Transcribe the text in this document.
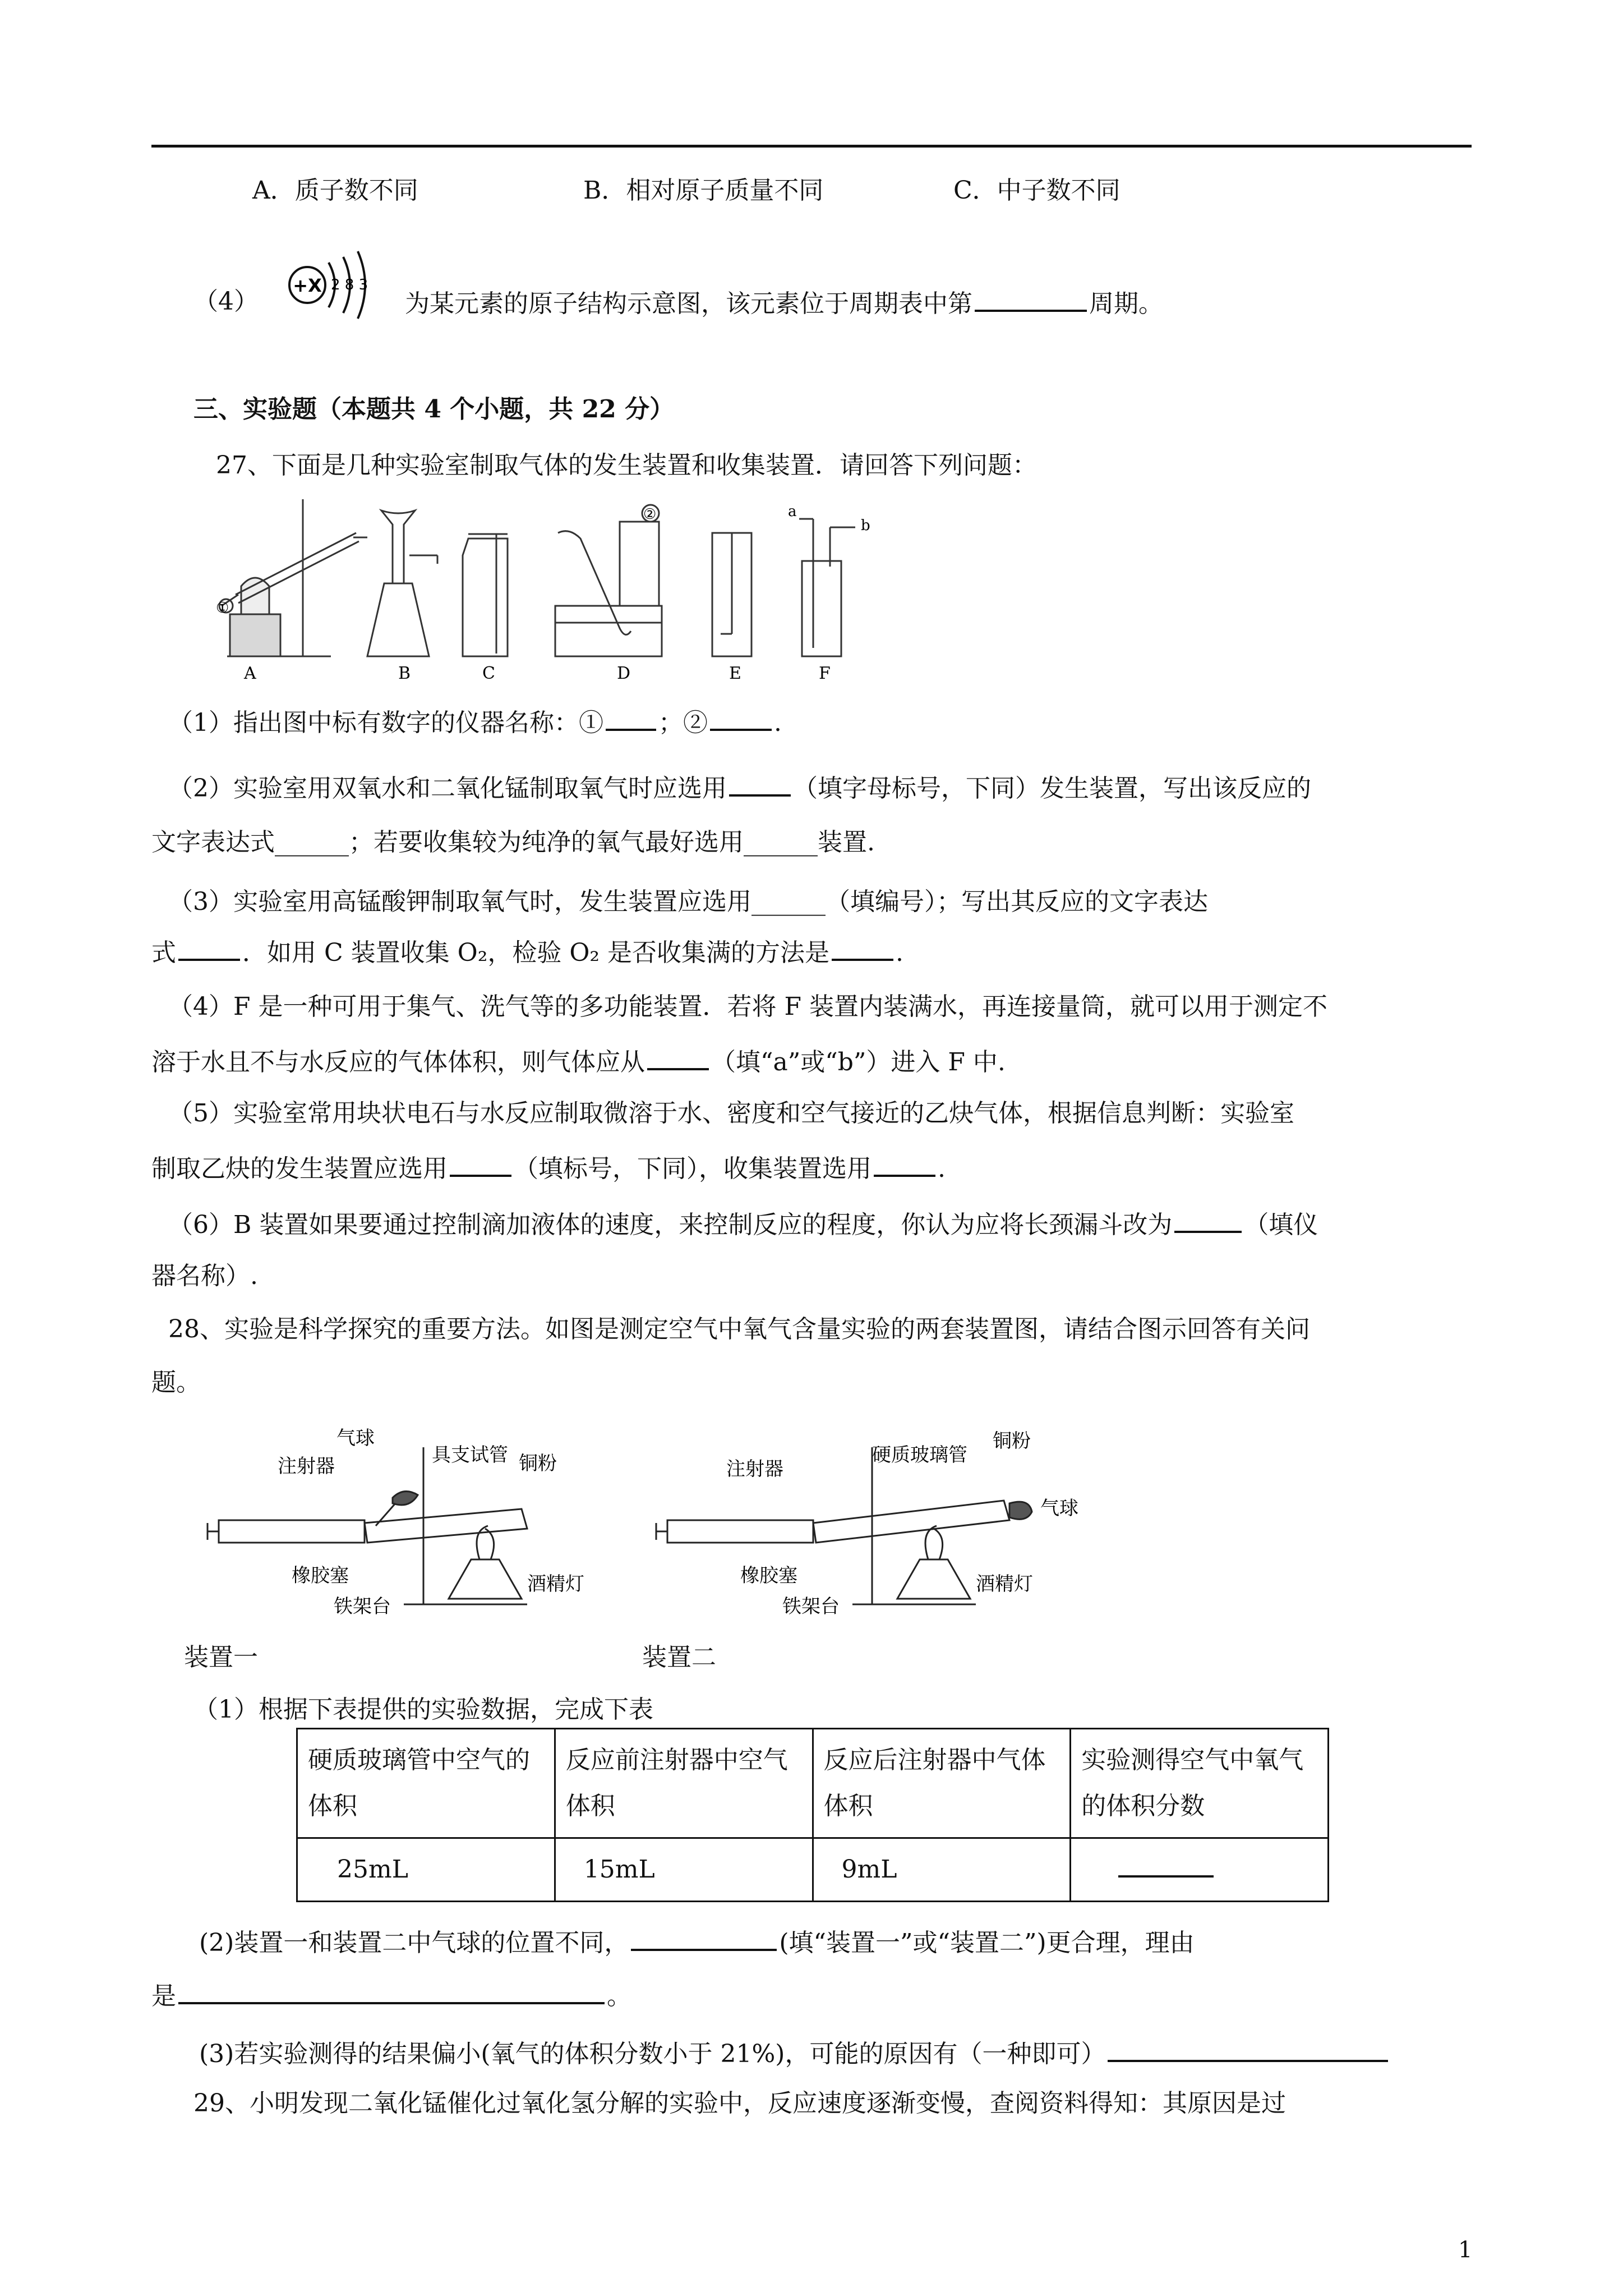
A．质子数不同	B．相对原子质量不同	C．中子数不同
（4）
+X 2 8 3
为某元素的原子结构示意图，该元素位于周期表中第	周期。
三、实验题（本题共 4 个小题，共 22 分）
27、下面是几种实验室制取气体的发生装置和收集装置．请回答下列问题：
A	B	C	D	E	F
①
②	a
b
（1）指出图中标有数字的仪器名称：① ；②	.
（2）实验室用双氧水和二氧化锰制取氧气时应选用	（填字母标号，下同）发生装置，写出该反应的
文字表达式______；若要收集较为纯净的氧气最好选用______装置.
（3）实验室用高锰酸钾制取氧气时，发生装置应选用______（填编号）；写出其反应的文字表达
式	．如用 C 装置收集 O₂，检验 O₂ 是否收集满的方法是	.
（4）F 是一种可用于集气、洗气等的多功能装置．若将 F 装置内装满水，再连接量筒，就可以用于测定不
溶于水且不与水反应的气体体积，则气体应从	（填“a”或“b”）进入 F 中.
（5）实验室常用块状电石与水反应制取微溶于水、密度和空气接近的乙炔气体，根据信息判断：实验室
制取乙炔的发生装置应选用	（填标号，下同），收集装置选用	.
（6）B 装置如果要通过控制滴加液体的速度，来控制反应的程度，你认为应将长颈漏斗改为	（填仪
器名称）.
28、实验是科学探究的重要方法。如图是测定空气中氧气含量实验的两套装置图，请结合图示回答有关问
题。
气球
注射器	具支试管 铜粉
橡胶塞
铁架台
酒精灯
注射器
硬质玻璃管
铜粉
气球
橡胶塞
铁架台
酒精灯
装置一	装置二
（1）根据下表提供的实验数据，完成下表
硬质玻璃管中空气的体积	反应前注射器中空气体积	反应后注射器中气体体积	实验测得空气中氧气的体积分数
25mL	15mL	9mL	
(2)装置一和装置二中气球的位置不同，	(填“装置一”或“装置二”)更合理，理由
是	。
(3)若实验测得的结果偏小(氧气的体积分数小于 21%)，可能的原因有（一种即可）
29、小明发现二氧化锰催化过氧化氢分解的实验中，反应速度逐渐变慢，查阅资料得知：其原因是过
1
